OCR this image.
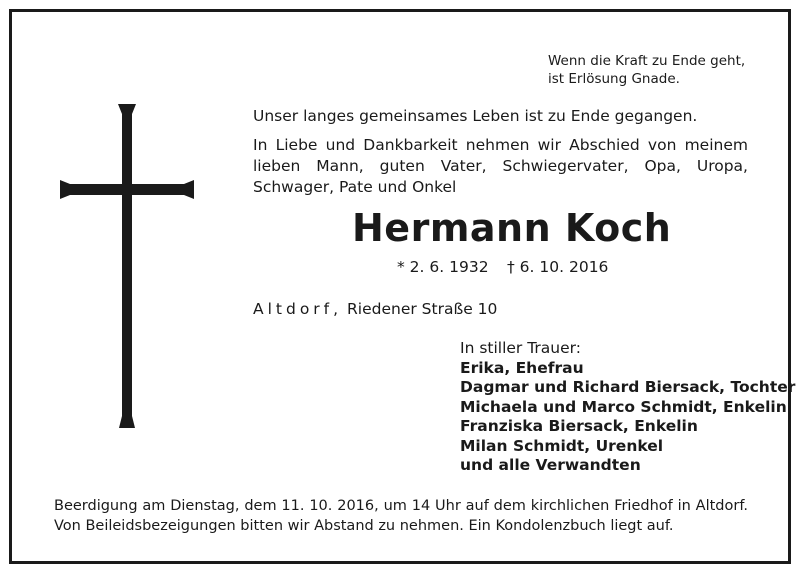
Wenn die Kraft zu Ende geht,
ist Erlösung Gnade.
Unser langes gemeinsames Leben ist zu Ende gegangen.
In Liebe und Dankbarkeit nehmen wir Abschied von meinem lieben Mann, guten Vater, Schwiegervater, Opa, Uropa, Schwager, Pate und Onkel
Hermann Koch
* 2. 6. 1932 † 6. 10. 2016
Altdorf, Riedener Straße 10
In stiller Trauer:
Erika, Ehefrau
Dagmar und Richard Biersack, Tochter
Michaela und Marco Schmidt, Enkelin
Franziska Biersack, Enkelin
Milan Schmidt, Urenkel
und alle Verwandten
Beerdigung am Dienstag, dem 11. 10. 2016, um 14 Uhr auf dem kirchlichen Friedhof in Altdorf. Von Beileidsbezeigungen bitten wir Abstand zu nehmen. Ein Kondolenzbuch liegt auf.
